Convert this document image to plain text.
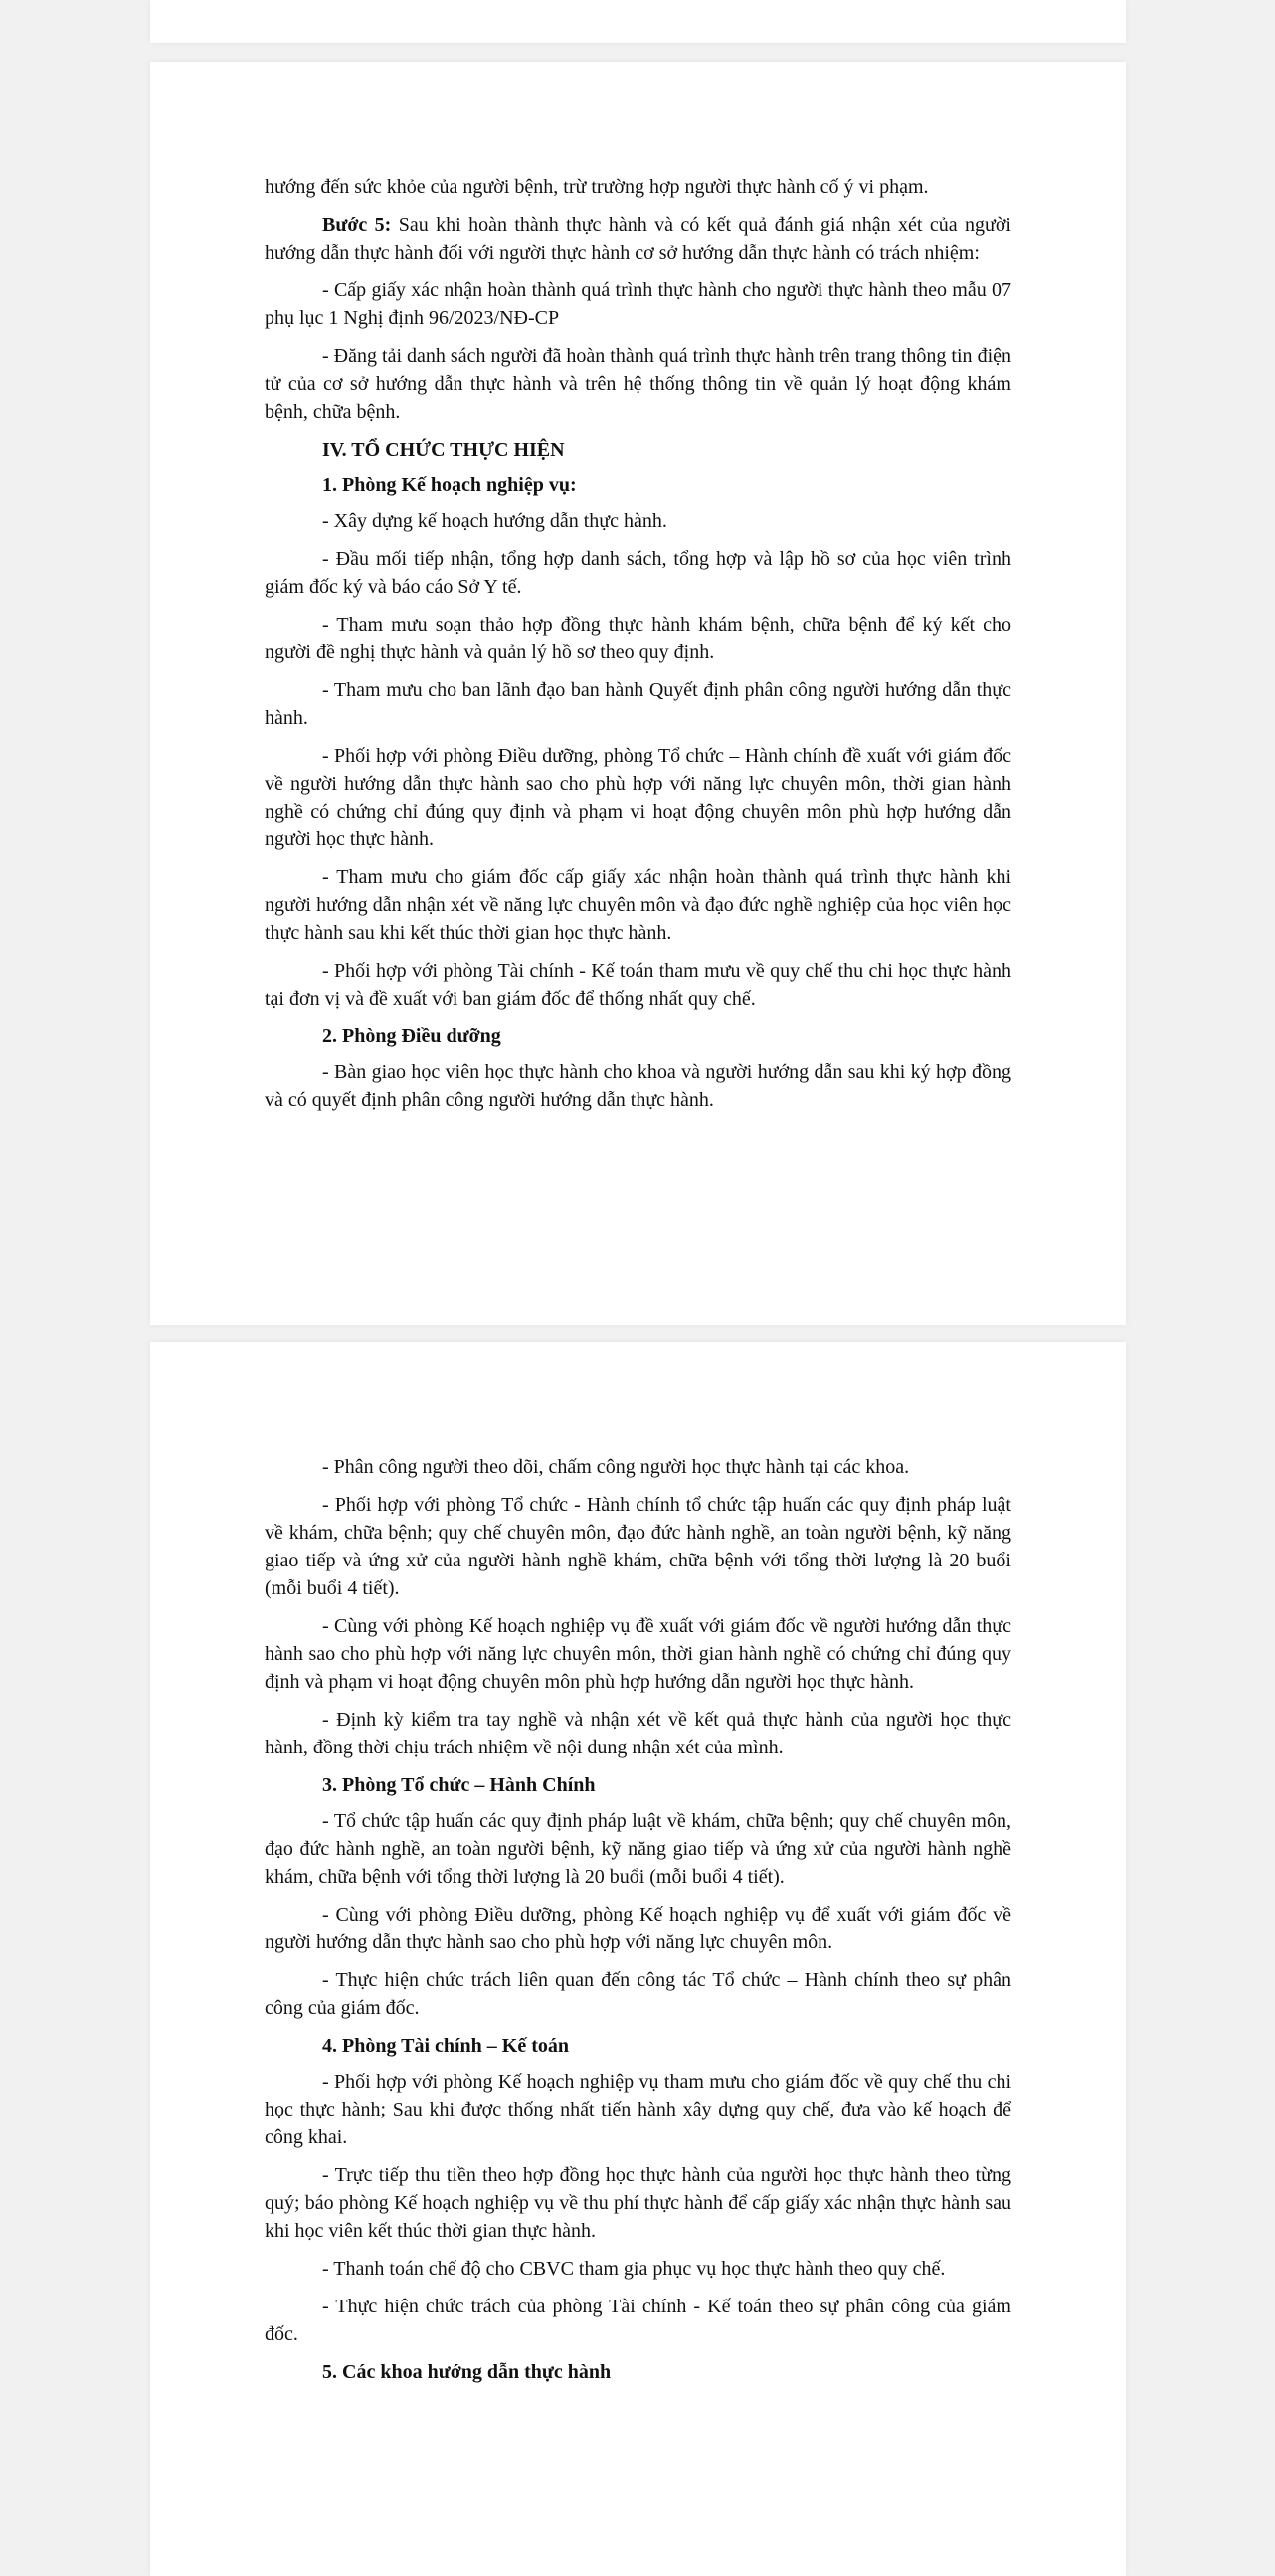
hướng đến sức khỏe của người bệnh, trừ trường hợp người thực hành cố ý vi phạm.

Bước 5: Sau khi hoàn thành thực hành và có kết quả đánh giá nhận xét của người hướng dẫn thực hành đối với người thực hành cơ sở hướng dẫn thực hành có trách nhiệm:

- Cấp giấy xác nhận hoàn thành quá trình thực hành cho người thực hành theo mẫu 07 phụ lục 1 Nghị định 96/2023/NĐ-CP

- Đăng tải danh sách người đã hoàn thành quá trình thực hành trên trang thông tin điện tử của cơ sở hướng dẫn thực hành và trên hệ thống thông tin về quản lý hoạt động khám bệnh, chữa bệnh.

IV. TỔ CHỨC THỰC HIỆN

1. Phòng Kế hoạch nghiệp vụ:

- Xây dựng kế hoạch hướng dẫn thực hành.

- Đầu mối tiếp nhận, tổng hợp danh sách, tổng hợp và lập hồ sơ của học viên trình giám đốc ký và báo cáo Sở Y tế.

- Tham mưu soạn thảo hợp đồng thực hành khám bệnh, chữa bệnh để ký kết cho người đề nghị thực hành và quản lý hồ sơ theo quy định.

- Tham mưu cho ban lãnh đạo ban hành Quyết định phân công người hướng dẫn thực hành.

- Phối hợp với phòng Điều dưỡng, phòng Tổ chức – Hành chính đề xuất với giám đốc về người hướng dẫn thực hành sao cho phù hợp với năng lực chuyên môn, thời gian hành nghề có chứng chỉ đúng quy định và phạm vi hoạt động chuyên môn phù hợp hướng dẫn người học thực hành.

- Tham mưu cho giám đốc cấp giấy xác nhận hoàn thành quá trình thực hành khi người hướng dẫn nhận xét về năng lực chuyên môn và đạo đức nghề nghiệp của học viên học thực hành sau khi kết thúc thời gian học thực hành.

- Phối hợp với phòng Tài chính - Kế toán tham mưu về quy chế thu chi học thực hành tại đơn vị và đề xuất với ban giám đốc để thống nhất quy chế.

2. Phòng Điều dưỡng

- Bàn giao học viên học thực hành cho khoa và người hướng dẫn sau khi ký hợp đồng và có quyết định phân công người hướng dẫn thực hành.

- Phân công người theo dõi, chấm công người học thực hành tại các khoa.

- Phối hợp với phòng Tổ chức - Hành chính tổ chức tập huấn các quy định pháp luật về khám, chữa bệnh; quy chế chuyên môn, đạo đức hành nghề, an toàn người bệnh, kỹ năng giao tiếp và ứng xử của người hành nghề khám, chữa bệnh với tổng thời lượng là 20 buổi (mỗi buổi 4 tiết).

- Cùng với phòng Kế hoạch nghiệp vụ đề xuất với giám đốc về người hướng dẫn thực hành sao cho phù hợp với năng lực chuyên môn, thời gian hành nghề có chứng chỉ đúng quy định và phạm vi hoạt động chuyên môn phù hợp hướng dẫn người học thực hành.

- Định kỳ kiểm tra tay nghề và nhận xét về kết quả thực hành của người học thực hành, đồng thời chịu trách nhiệm về nội dung nhận xét của mình.

3. Phòng Tổ chức – Hành Chính

- Tổ chức tập huấn các quy định pháp luật về khám, chữa bệnh; quy chế chuyên môn, đạo đức hành nghề, an toàn người bệnh, kỹ năng giao tiếp và ứng xử của người hành nghề khám, chữa bệnh với tổng thời lượng là 20 buổi (mỗi buổi 4 tiết).

- Cùng với phòng Điều dưỡng, phòng Kế hoạch nghiệp vụ để xuất với giám đốc về người hướng dẫn thực hành sao cho phù hợp với năng lực chuyên môn.

- Thực hiện chức trách liên quan đến công tác Tổ chức – Hành chính theo sự phân công của giám đốc.

4. Phòng Tài chính – Kế toán

- Phối hợp với phòng Kế hoạch nghiệp vụ tham mưu cho giám đốc về quy chế thu chi học thực hành; Sau khi được thống nhất tiến hành xây dựng quy chế, đưa vào kế hoạch để công khai.

- Trực tiếp thu tiền theo hợp đồng học thực hành của người học thực hành theo từng quý; báo phòng Kế hoạch nghiệp vụ về thu phí thực hành để cấp giấy xác nhận thực hành sau khi học viên kết thúc thời gian thực hành.

- Thanh toán chế độ cho CBVC tham gia phục vụ học thực hành theo quy chế.

- Thực hiện chức trách của phòng Tài chính - Kế toán theo sự phân công của giám đốc.

5. Các khoa hướng dẫn thực hành
